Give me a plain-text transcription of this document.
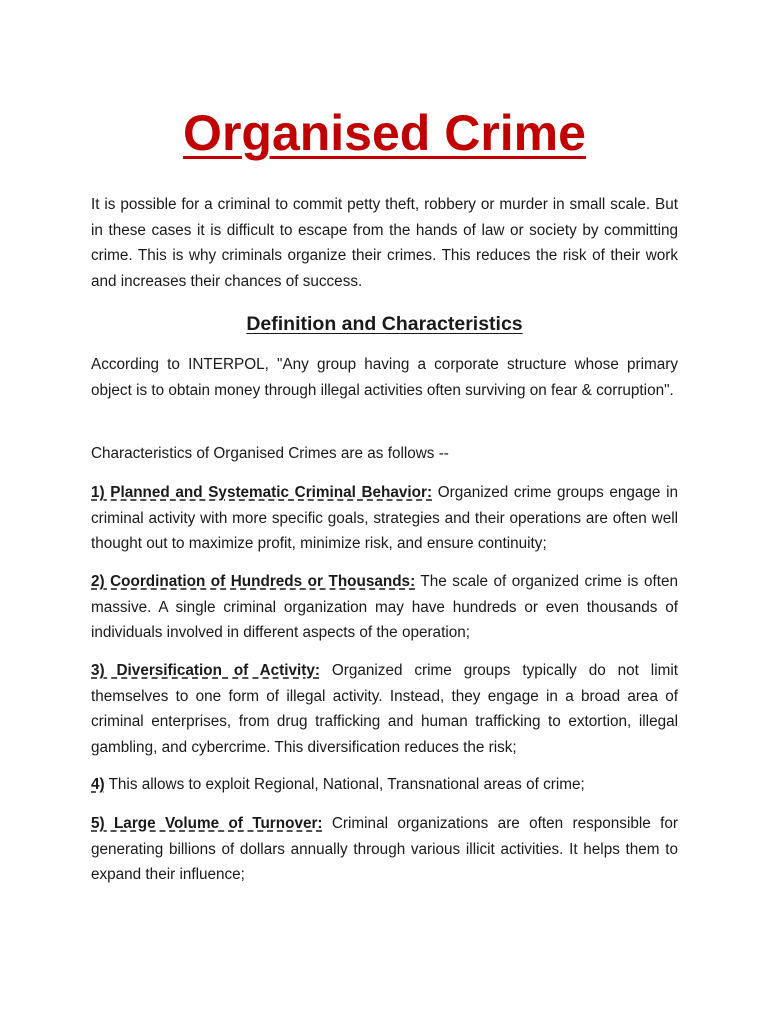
Organised Crime

It is possible for a criminal to commit petty theft, robbery or murder in small scale. But in these cases it is difficult to escape from the hands of law or society by committing crime. This is why criminals organize their crimes. This reduces the risk of their work and increases their chances of success.

Definition and Characteristics

According to INTERPOL, "Any group having a corporate structure whose primary object is to obtain money through illegal activities often surviving on fear & corruption".

Characteristics of Organised Crimes are as follows --

1) Planned and Systematic Criminal Behavior: Organized crime groups engage in criminal activity with more specific goals, strategies and their operations are often well thought out to maximize profit, minimize risk, and ensure continuity;

2) Coordination of Hundreds or Thousands: The scale of organized crime is often massive. A single criminal organization may have hundreds or even thousands of individuals involved in different aspects of the operation;

3) Diversification of Activity: Organized crime groups typically do not limit themselves to one form of illegal activity. Instead, they engage in a broad area of criminal enterprises, from drug trafficking and human trafficking to extortion, illegal gambling, and cybercrime. This diversification reduces the risk;

4) This allows to exploit Regional, National, Transnational areas of crime;

5) Large Volume of Turnover: Criminal organizations are often responsible for generating billions of dollars annually through various illicit activities. It helps them to expand their influence;
